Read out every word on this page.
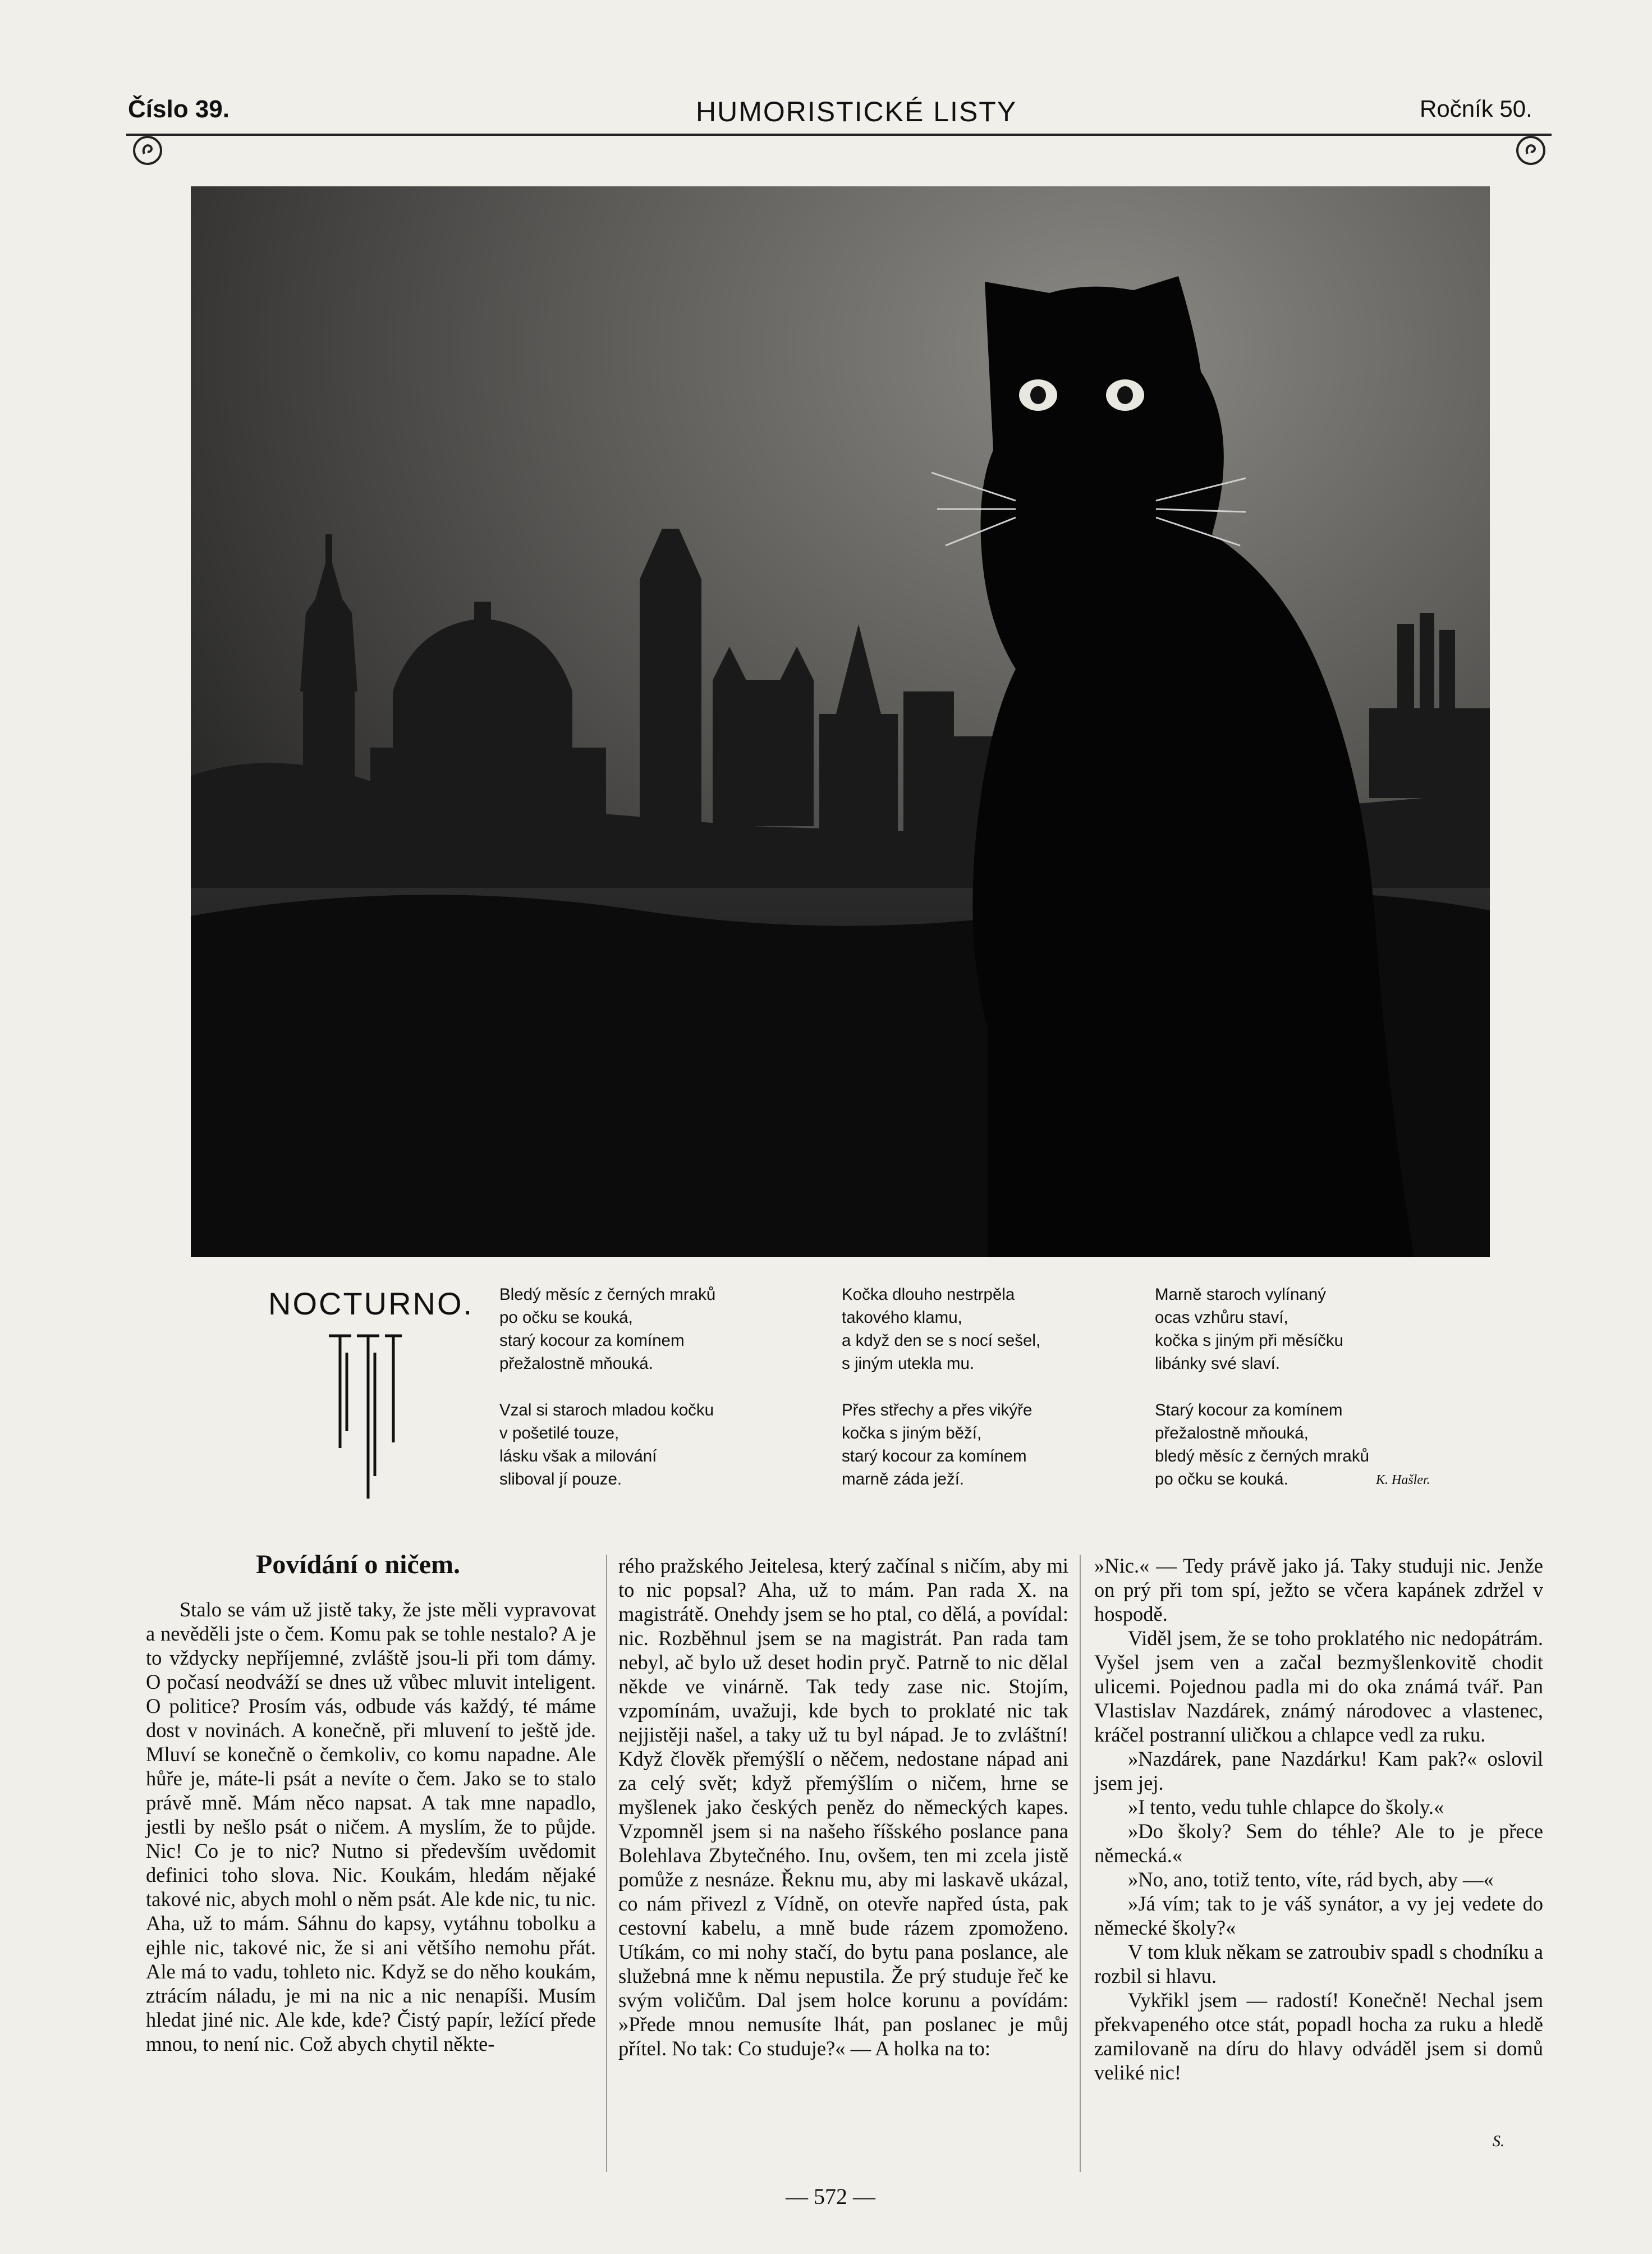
Číslo 39.	HUMORISTICKÉ LISTY	Ročník 50.
NOCTURNO. Bledý měsíc z černých mraků
po očku se kouká,
starý kocour za komínem
přežalostně mňouká.
Vzal si staroch mladou kočku
v pošetilé touze,
lásku však a milování
sliboval jí pouze.
Kočka dlouho nestrpěla
takového klamu,
a když den se s nocí sešel,
s jiným utekla mu.
Přes střechy a přes vikýře
kočka s jiným běží,
starý kocour za komínem
marně záda ježí.
Marně staroch vylínaný
ocas vzhůru staví,
kočka s jiným při měsíčku
libánky své slaví.
Starý kocour za komínem
přežalostně mňouká,
bledý měsíc z černých mraků
po očku se kouká.	K. Hašler.
Povídání o ničem.

Stalo se vám už jistě taky, že jste měli vypravovat a nevěděli jste o čem. Komu pak se tohle nestalo? A je to vždycky nepříjemné, zvláště jsou-li při tom dámy. O počasí neodváží se dnes už vůbec mluvit inteligent. O politice? Prosím vás, odbude vás každý, té máme dost v novinách. A konečně, při mluvení to ještě jde. Mluví se konečně o čemkoliv, co komu napadne. Ale hůře je, máte-li psát a nevíte o čem. Jako se to stalo právě mně. Mám něco napsat. A tak mne napadlo, jestli by nešlo psát o ničem. A myslím, že to půjde. Nic! Co je to nic? Nutno si především uvědomit definici toho slova. Nic. Koukám, hledám nějaké takové nic, abych mohl o něm psát. Ale kde nic, tu nic. Aha, už to mám. Sáhnu do kapsy, vytáhnu tobolku a ejhle nic, takové nic, že si ani většího nemohu přát. Ale má to vadu, tohleto nic. Když se do něho koukám, ztrácím náladu, je mi na nic a nic nenapíši. Musím hledat jiné nic. Ale kde, kde? Čistý papír, ležící přede mnou, to není nic. Což abych chytil někte-

rého pražského Jeitelesa, který začínal s ničím, aby mi to nic popsal? Aha, už to mám. Pan rada X. na magistrátě. Onehdy jsem se ho ptal, co dělá, a povídal: nic. Rozběhnul jsem se na magistrát. Pan rada tam nebyl, ač bylo už deset hodin pryč. Patrně to nic dělal někde ve vinárně. Tak tedy zase nic. Stojím, vzpomínám, uvažuji, kde bych to proklaté nic tak nejjistěji našel, a taky už tu byl nápad. Je to zvláštní! Když člověk přemýšlí o něčem, nedostane nápad ani za celý svět; když přemýšlím o ničem, hrne se myšlenek jako českých peněz do německých kapes. Vzpomněl jsem si na našeho říšského poslance pana Bolehlava Zbytečného. Inu, ovšem, ten mi zcela jistě pomůže z nesnáze. Řeknu mu, aby mi laskavě ukázal, co nám přivezl z Vídně, on otevře napřed ústa, pak cestovní kabelu, a mně bude rázem zpomoženo. Utíkám, co mi nohy stačí, do bytu pana poslance, ale služebná mne k němu nepustila. Že prý studuje řeč ke svým voličům. Dal jsem holce korunu a povídám: »Přede mnou nemusíte lhát, pan poslanec je můj přítel. No tak: Co studuje?« — A holka na to:

»Nic.« — Tedy právě jako já. Taky studuji nic. Jenže on prý při tom spí, ježto se včera kapánek zdržel v hospodě.

Viděl jsem, že se toho proklatého nic nedopátrám. Vyšel jsem ven a začal bezmyšlenkovitě chodit ulicemi. Pojednou padla mi do oka známá tvář. Pan Vlastislav Nazdárek, známý národovec a vlastenec, kráčel postranní uličkou a chlapce vedl za ruku.

»Nazdárek, pane Nazdárku! Kam pak?« oslovil jsem jej.

»I tento, vedu tuhle chlapce do školy.«

»Do školy? Sem do téhle? Ale to je přece německá.«

»No, ano, totiž tento, víte, rád bych, aby —«

»Já vím; tak to je váš synátor, a vy jej vedete do německé školy?«

V tom kluk někam se zatroubiv spadl s chodníku a rozbil si hlavu.

Vykřikl jsem — radostí! Konečně! Nechal jsem překvapeného otce stát, popadl hocha za ruku a hledě zamilovaně na díru do hlavy odváděl jsem si domů veliké nic!

S.
— 572 —
